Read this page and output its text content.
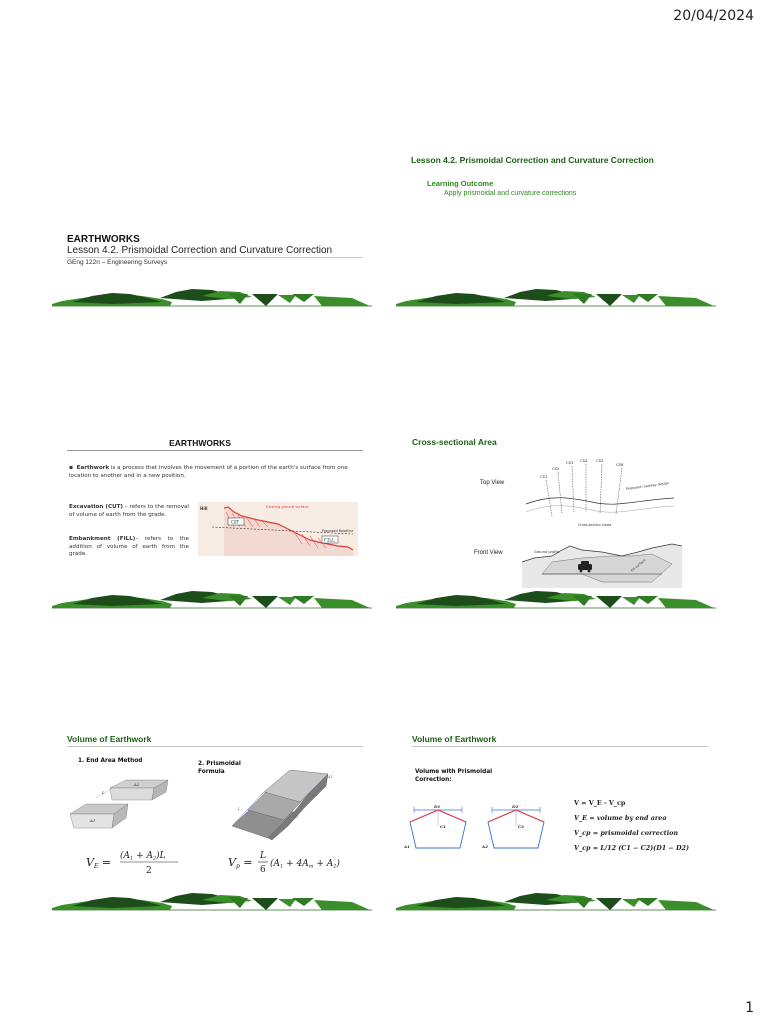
20/04/2024
1
EARTHWORKS
Lesson 4.2. Prismoidal Correction and Curvature Correction
GEng 122n – Engineering Surveys
Lesson 4.2. Prismoidal Correction and Curvature Correction
Learning Outcome
Apply prismoidal and curvature corrections
EARTHWORKS
▪ Earthwork is a process that involves the movement of a portion of the earth's surface from one location to another and in a new position.
Excavation (CUT) – refers to the removal of volume of earth from the grade.
Embankment (FILL)– refers to the addition of volume of earth from the grade.
Hill	Existing ground surface
CUT
Proposed Roadline
FILL
Cross-sectional Area
Top View
CS1
CS2
CS3 CS4 CS5
CS6
Proposed roadway design
Cross-section views
Front View	Ground profile
Fill surface
Volume of Earthwork
1. End Area Method	2. Prismoidal
Formula
A1
A2
L
A1
Am
A2
L
VE = (A1 + A2)L
2
Vp = L
6
(A1 + 4Am + A2)
Volume of Earthwork
Volume with Prismoidal
Correction:
D1
C1
A1
D2
C2
A2
V = V_E - V_cp
V_E = volume by end area
V_cp = prismoidal correction
V_cp = L/12 (C1 − C2)(D1 − D2)
